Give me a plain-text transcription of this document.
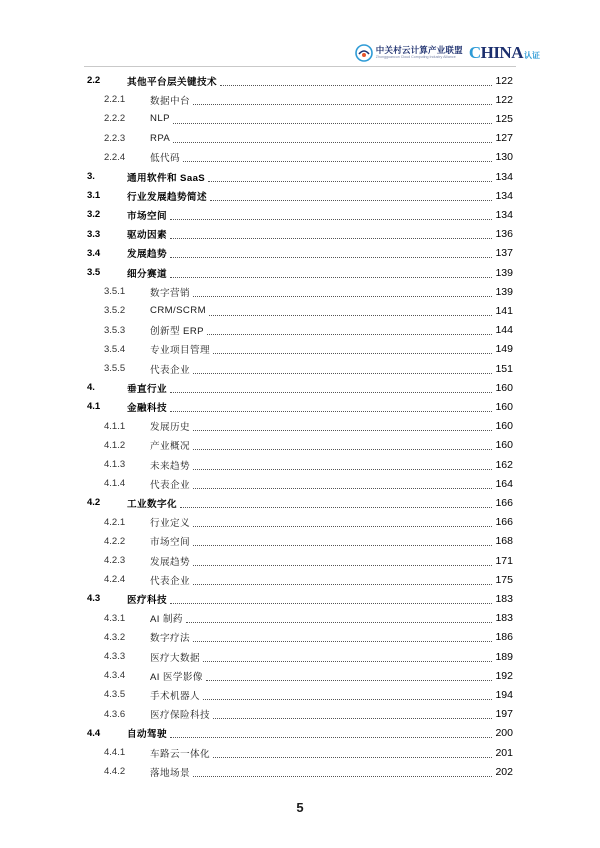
中关村云计算产业联盟
Zhongguancun Cloud Computing Industry Alliance C HINA 认证
2.2	其他平台层关键技术	122
2.2.1	数据中台	122
2.2.2	NLP	125
2.2.3	RPA	127
2.2.4	低代码	130
3.	通用软件和 SaaS	134
3.1	行业发展趋势简述	134
3.2	市场空间	134
3.3	驱动因素	136
3.4	发展趋势	137
3.5	细分赛道	139
3.5.1	数字营销	139
3.5.2	CRM/SCRM	141
3.5.3	创新型 ERP	144
3.5.4	专业项目管理	149
3.5.5	代表企业	151
4.	垂直行业	160
4.1	金融科技	160
4.1.1	发展历史	160
4.1.2	产业概况	160
4.1.3	未来趋势	162
4.1.4	代表企业	164
4.2	工业数字化	166
4.2.1	行业定义	166
4.2.2	市场空间	168
4.2.3	发展趋势	171
4.2.4	代表企业	175
4.3	医疗科技	183
4.3.1	AI 制药	183
4.3.2	数字疗法	186
4.3.3	医疗大数据	189
4.3.4	AI 医学影像	192
4.3.5	手术机器人	194
4.3.6	医疗保险科技	197
4.4	自动驾驶	200
4.4.1	车路云一体化	201
4.4.2	落地场景	202
5
